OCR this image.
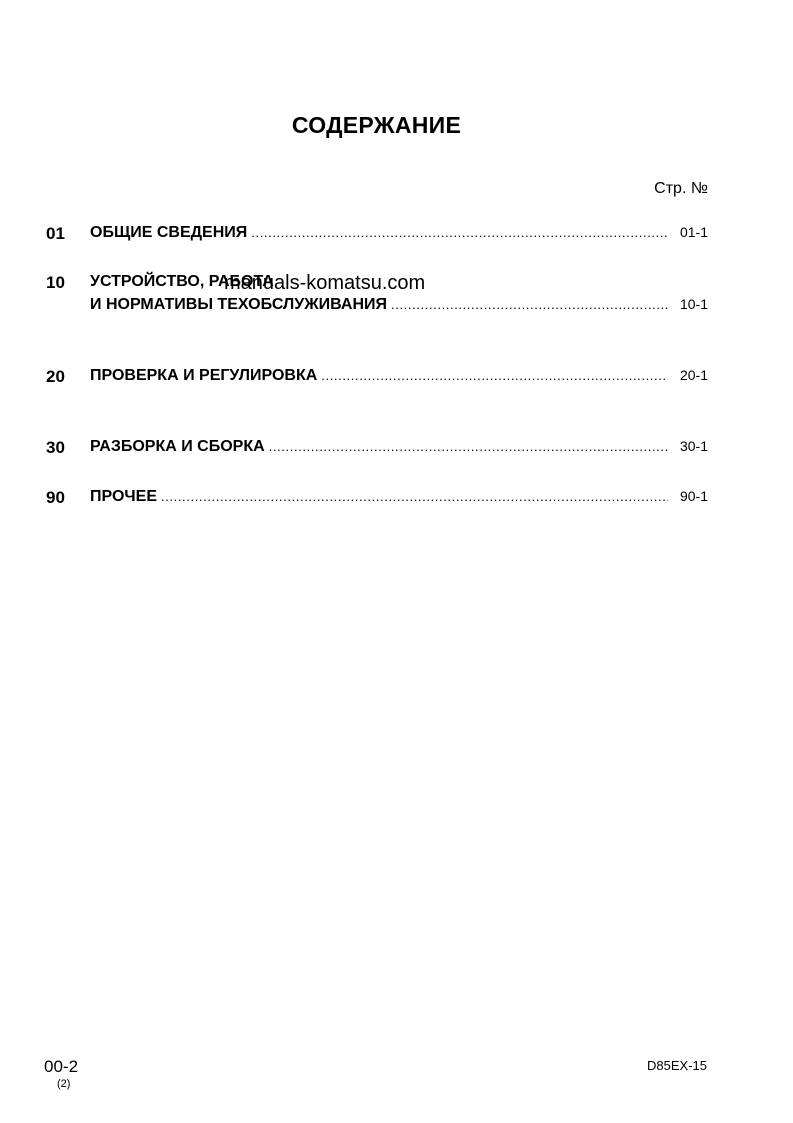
СОДЕРЖАНИЕ
Стр. №
01 ОБЩИЕ СВЕДЕНИЯ .....	01-1
10 УСТРОЙСТВО, РАБОТА
И НОРМАТИВЫ ТЕХОБСЛУЖИВАНИЯ .....	10-1
20 ПРОВЕРКА И РЕГУЛИРОВКА .....	20-1
30 РАЗБОРКА И СБОРКА .....	30-1
90 ПРОЧЕЕ .....	90-1
manuals-komatsu.com
00-2
(2)
D85EX-15
